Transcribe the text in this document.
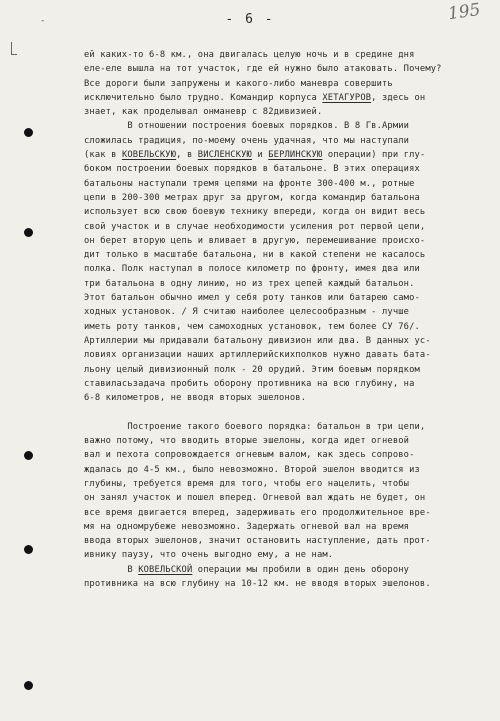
- 6 -	195
-
ей каких-то 6-8 км., она двигалась целую ночь и в средине дня
еле-еле вышла на тот участок, где ей нужно было атаковать. Почему?
Все дороги были запружены и какого-либо маневра совершить
исключительно было трудно. Командир корпуса ХЕТАГУРОВ, здесь он
знает, как проделывал онманевр с 82дивизией.
В отношении построения боевых порядков. В 8 Гв.Армии
сложилась традиция, по-моему очень удачная, что мы наступали
(как в КОВЕЛЬСКУЮ, в ВИСЛЕНСКУЮ и БЕРЛИНСКУЮ операции) при глу-
боком построении боевых порядков в батальоне. В этих операциях
батальоны наступали тремя цепями на фронте 300-400 м., ротные
цепи в 200-300 метрах друг за другом, когда командир батальона
использует всю свою боевую технику впереди, когда он видит весь
свой участок и в случае необходимости усиления рот первой цепи,
он берет вторую цепь и вливает в другую, перемешивание происхо-
дит только в масштабе батальона, ни в какой степени не касалось
полка. Полк наступал в полосе километр по фронту, имея два или
три батальона в одну линию, но из трех цепей каждый батальон.
Этот батальон обычно имел у себя роту танков или батарею само-
ходных установок. / Я считаю наиболее целесообразным - лучше
иметь роту танков, чем самоходных установок, тем более СУ 76/.
Артиллерии мы придавали батальону дивизион или два. В данных ус-
ловиях организации наших артиллерийскихполков нужно давать бата-
льону целый дивизионный полк - 20 орудий. Этим боевым порядком
ставиласьзадача пробить оборону противника на всю глубину, на
6-8 километров, не вводя вторых эшелонов.
Построение такого боевого порядка: батальон в три цепи,
важно потому, что вводить вторые эшелоны, когда идет огневой
вал и пехота сопровождается огневым валом, как здесь сопрово-
ждалась до 4-5 км., было невозможно. Второй эшелон вводится из
глубины, требуется время для того, чтобы его нацелить, чтобы
он занял участок и пошел вперед. Огневой вал ждать не будет, он
все время двигается вперед, задерживать его продолжительное вре-
мя на одномрубеже невозможно. Задержать огневой вал на время
ввода вторых эшелонов, значит остановить наступление, дать прот-
ивнику паузу, что очень выгодно ему, а не нам.
В КОВЕЛЬСКОЙ операции мы пробили в один день оборону
противника на всю глубину на 10-12 км. не вводя вторых эшелонов.
